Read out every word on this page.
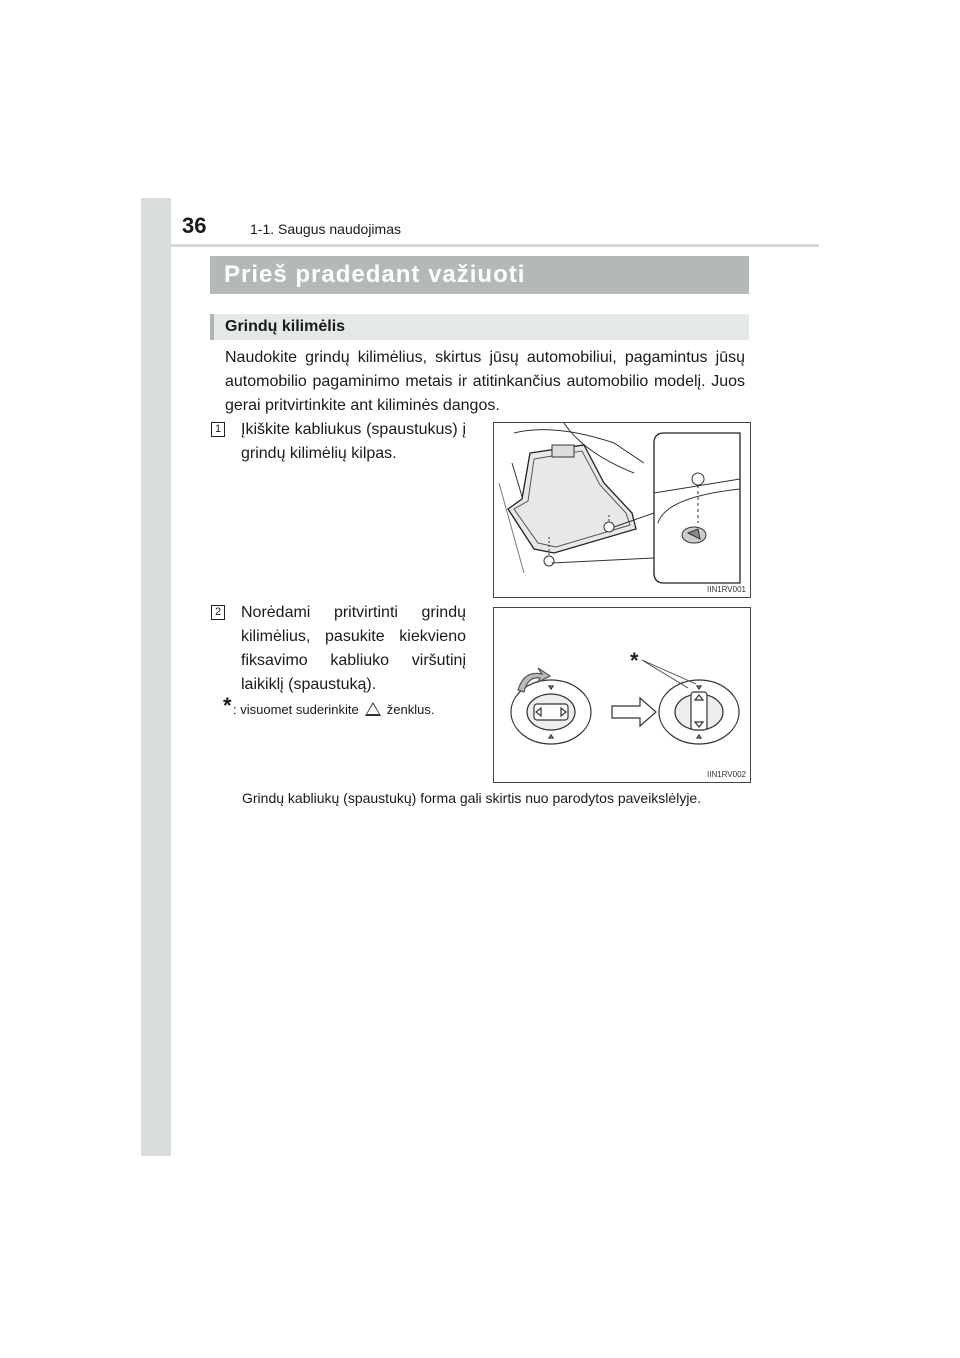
36	1-1. Saugus naudojimas
Prieš pradedant važiuoti
Grindų kilimėlis
Naudokite grindų kilimėlius, skirtus jūsų automobiliui, pagamintus jūsų automobilio pagaminimo metais ir atitinkančius automobilio modelį. Juos gerai pritvirtinkite ant kiliminės dangos.
1 Įkiškite kabliukus (spaustukus) į grindų kilimėlių kilpas.
IIN1RV001
2 Norėdami pritvirtinti grindų kilimėlius, pasukite kiekvieno fiksavimo kabliuko viršutinį laikiklį (spaustuką).
* : visuomet suderinkite ženklus.
*
IIN1RV002
Grindų kabliukų (spaustukų) forma gali skirtis nuo parodytos paveikslėlyje.
